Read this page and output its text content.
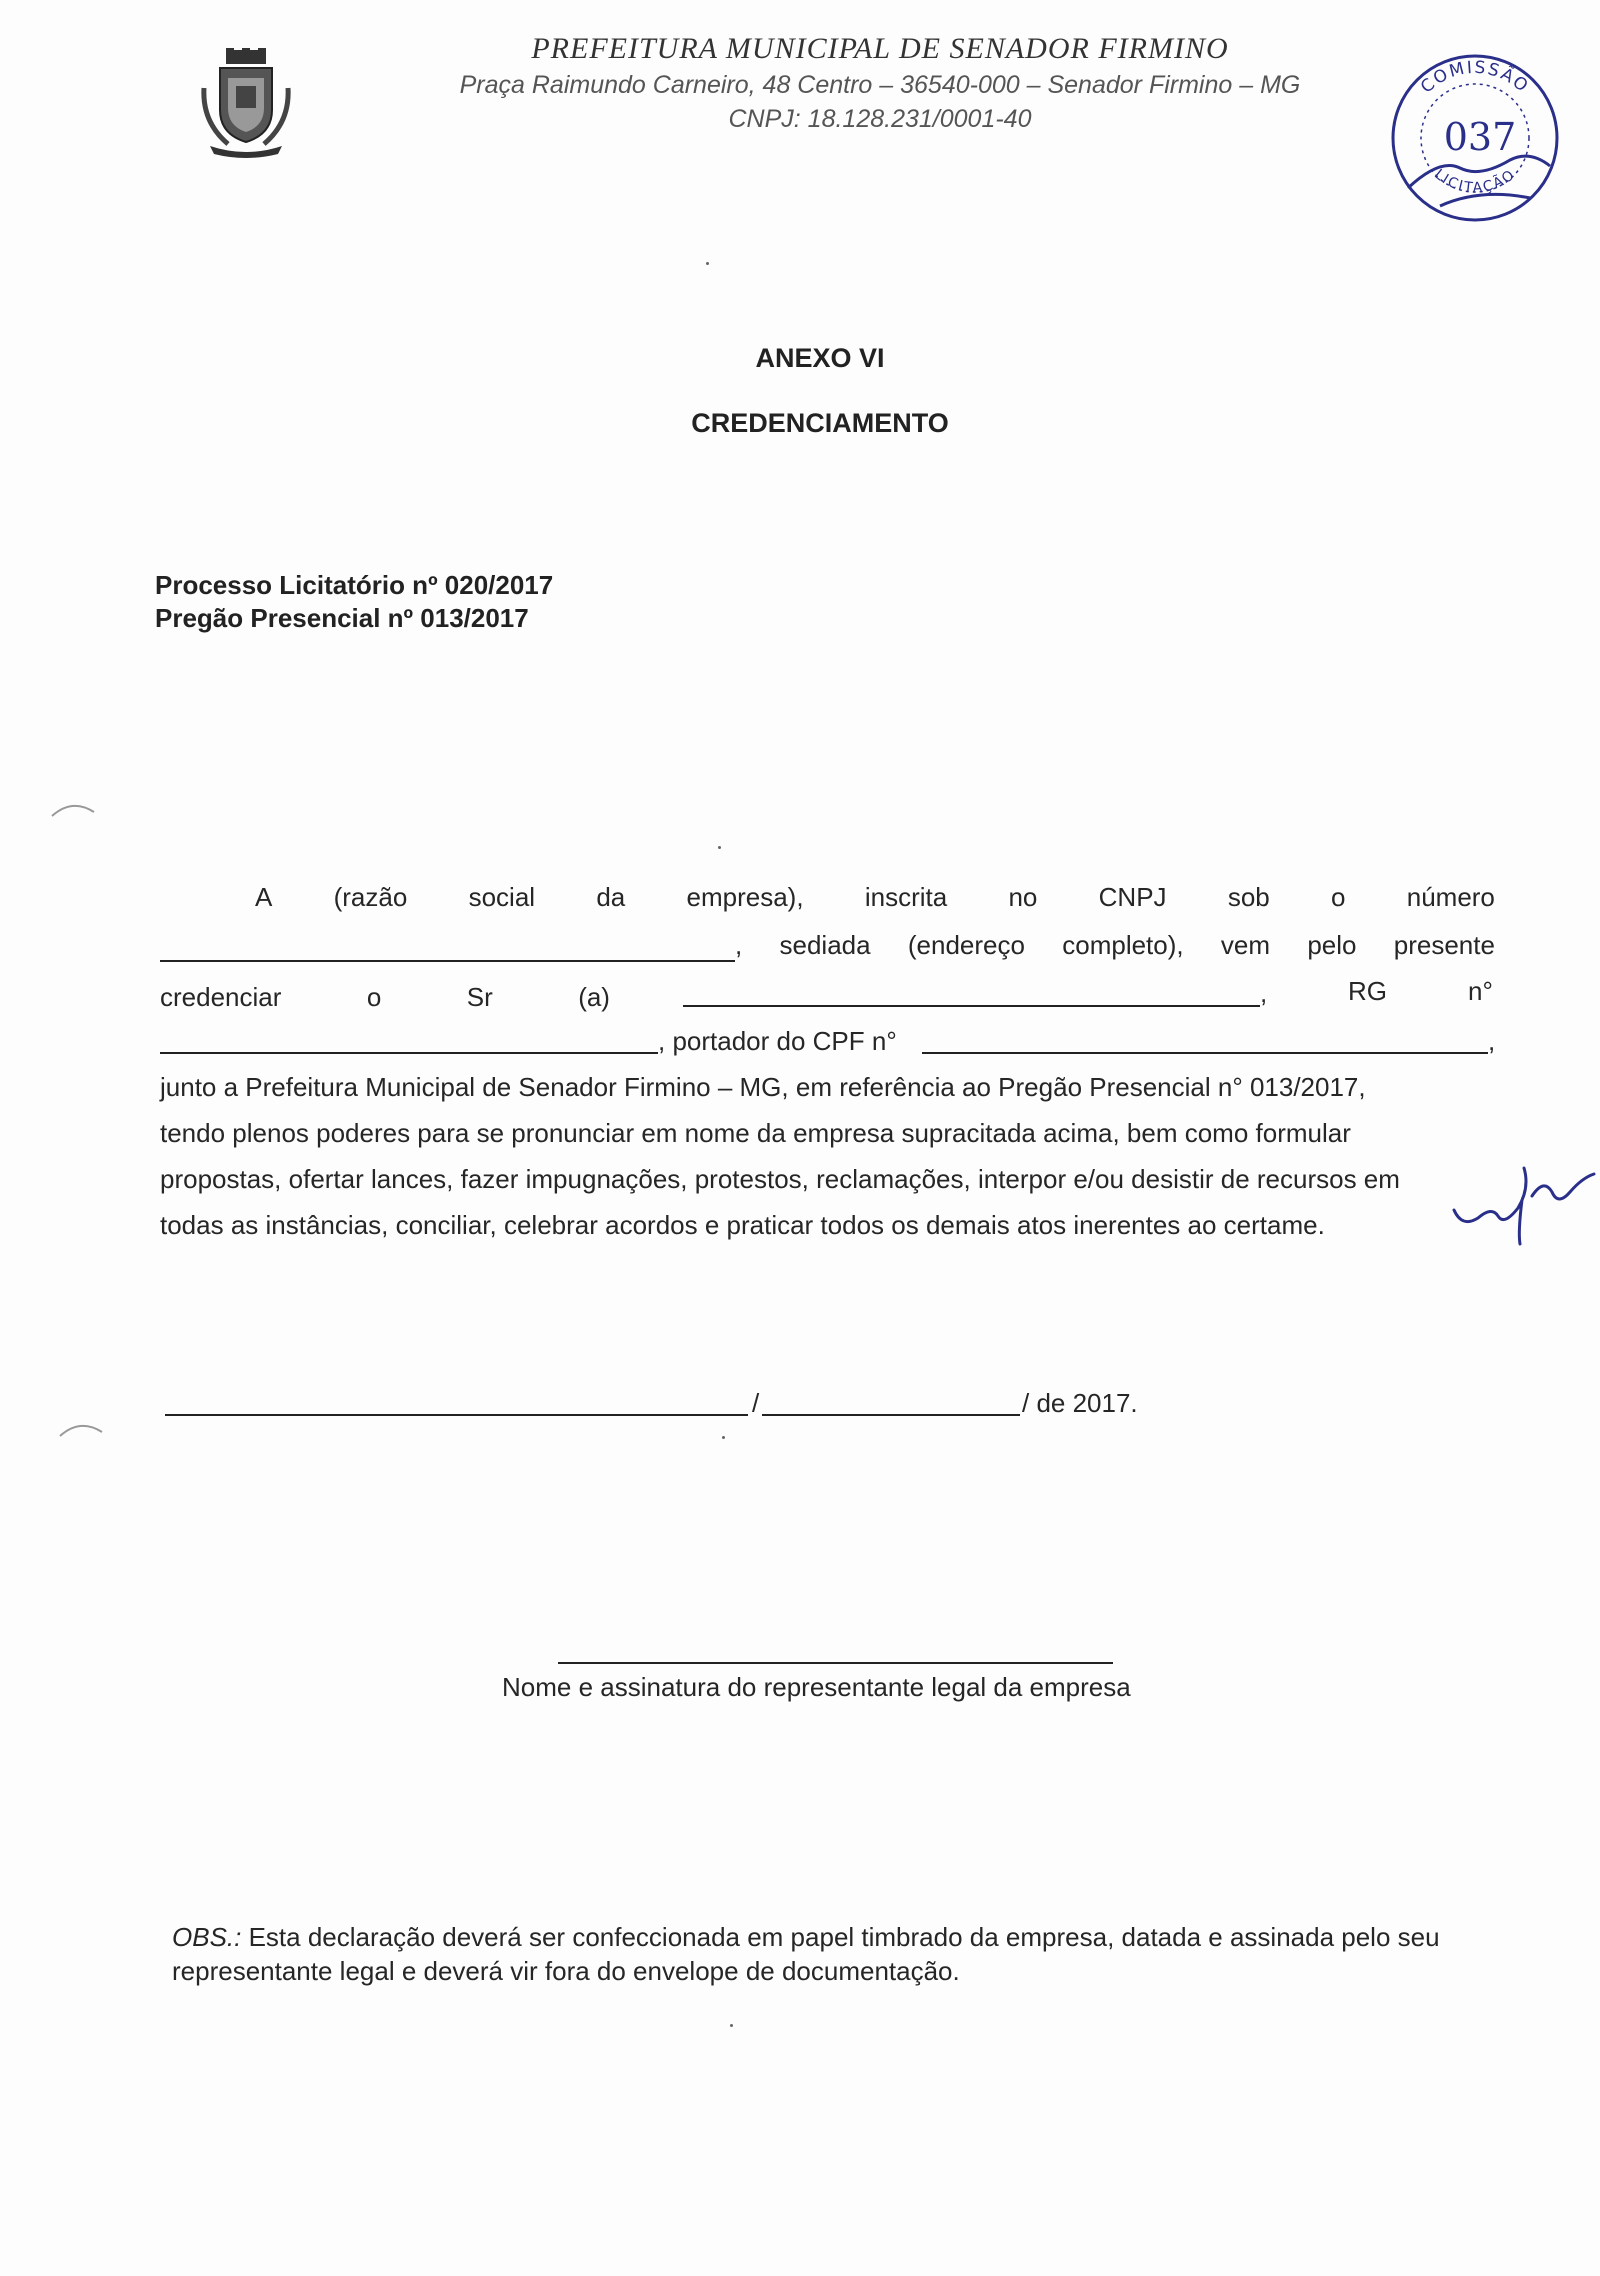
PREFEITURA MUNICIPAL DE SENADOR FIRMINO
Praça Raimundo Carneiro, 48 Centro – 36540-000 – Senador Firmino – MG
CNPJ: 18.128.231/0001-40
COMISSÃO
037
LICITAÇÃO
ANEXO VI
CREDENCIAMENTO
Processo Licitatório nº 020/2017
Pregão Presencial nº 013/2017
A (razão social da empresa), inscrita no CNPJ sob o número
, sediada (endereço completo), vem pelo presente
credenciar	o	Sr	(a)	,	RG	n°
, portador do CPF n°	,
junto a Prefeitura Municipal de Senador Firmino – MG, em referência ao Pregão Presencial n° 013/2017,
tendo plenos poderes para se pronunciar em nome da empresa supracitada acima, bem como formular
propostas, ofertar lances, fazer impugnações, protestos, reclamações, interpor e/ou desistir de recursos em
todas as instâncias, conciliar, celebrar acordos e praticar todos os demais atos inerentes ao certame.
/	/ de 2017.
Nome e assinatura do representante legal da empresa
OBS.: Esta declaração deverá ser confeccionada em papel timbrado da empresa, datada e assinada pelo seu representante legal e deverá vir fora do envelope de documentação.
